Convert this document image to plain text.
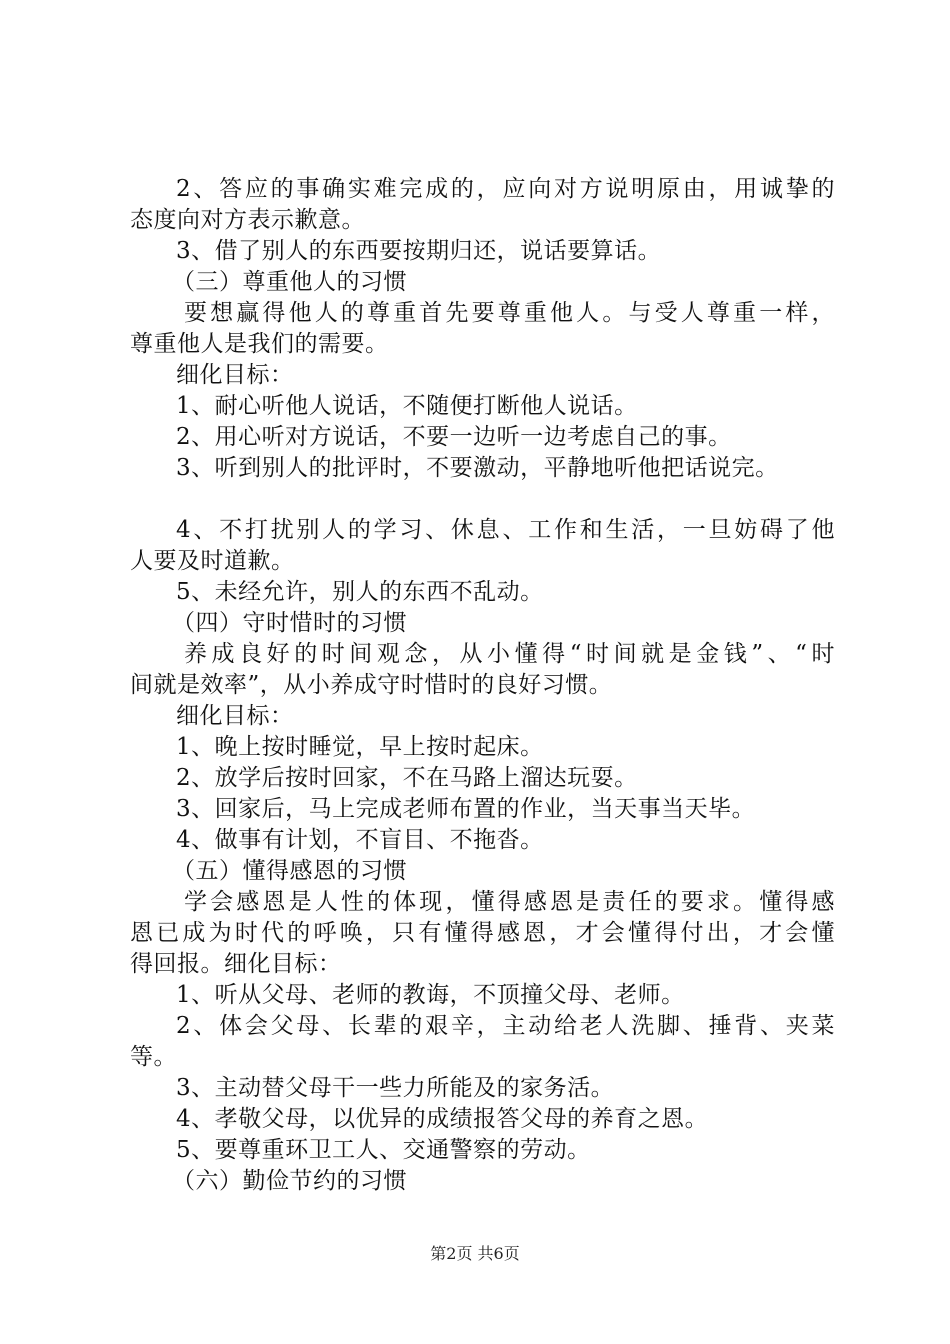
2、答应的事确实难完成的，应向对方说明原由，用诚挚的
态度向对方表示歉意。
3、借了别人的东西要按期归还，说话要算话。
（三）尊重他人的习惯
要想赢得他人的尊重首先要尊重他人。与受人尊重一样，
尊重他人是我们的需要。
细化目标：
1、耐心听他人说话，不随便打断他人说话。
2、用心听对方说话，不要一边听一边考虑自己的事。
3、听到别人的批评时，不要激动，平静地听他把话说完。
4、不打扰别人的学习、休息、工作和生活，一旦妨碍了他
人要及时道歉。
5、未经允许，别人的东西不乱动。
（四）守时惜时的习惯
养成良好的时间观念，从小懂得“时间就是金钱”、“时
间就是效率”，从小养成守时惜时的良好习惯。
细化目标：
1、晚上按时睡觉，早上按时起床。
2、放学后按时回家，不在马路上溜达玩耍。
3、回家后，马上完成老师布置的作业，当天事当天毕。
4、做事有计划，不盲目、不拖沓。
（五）懂得感恩的习惯
学会感恩是人性的体现，懂得感恩是责任的要求。懂得感
恩已成为时代的呼唤，只有懂得感恩，才会懂得付出，才会懂
得回报。细化目标：
1、听从父母、老师的教诲，不顶撞父母、老师。
2、体会父母、长辈的艰辛，主动给老人洗脚、捶背、夹菜
等。
3、主动替父母干一些力所能及的家务活。
4、孝敬父母，以优异的成绩报答父母的养育之恩。
5、要尊重环卫工人、交通警察的劳动。
（六）勤俭节约的习惯
第2页 共6页
